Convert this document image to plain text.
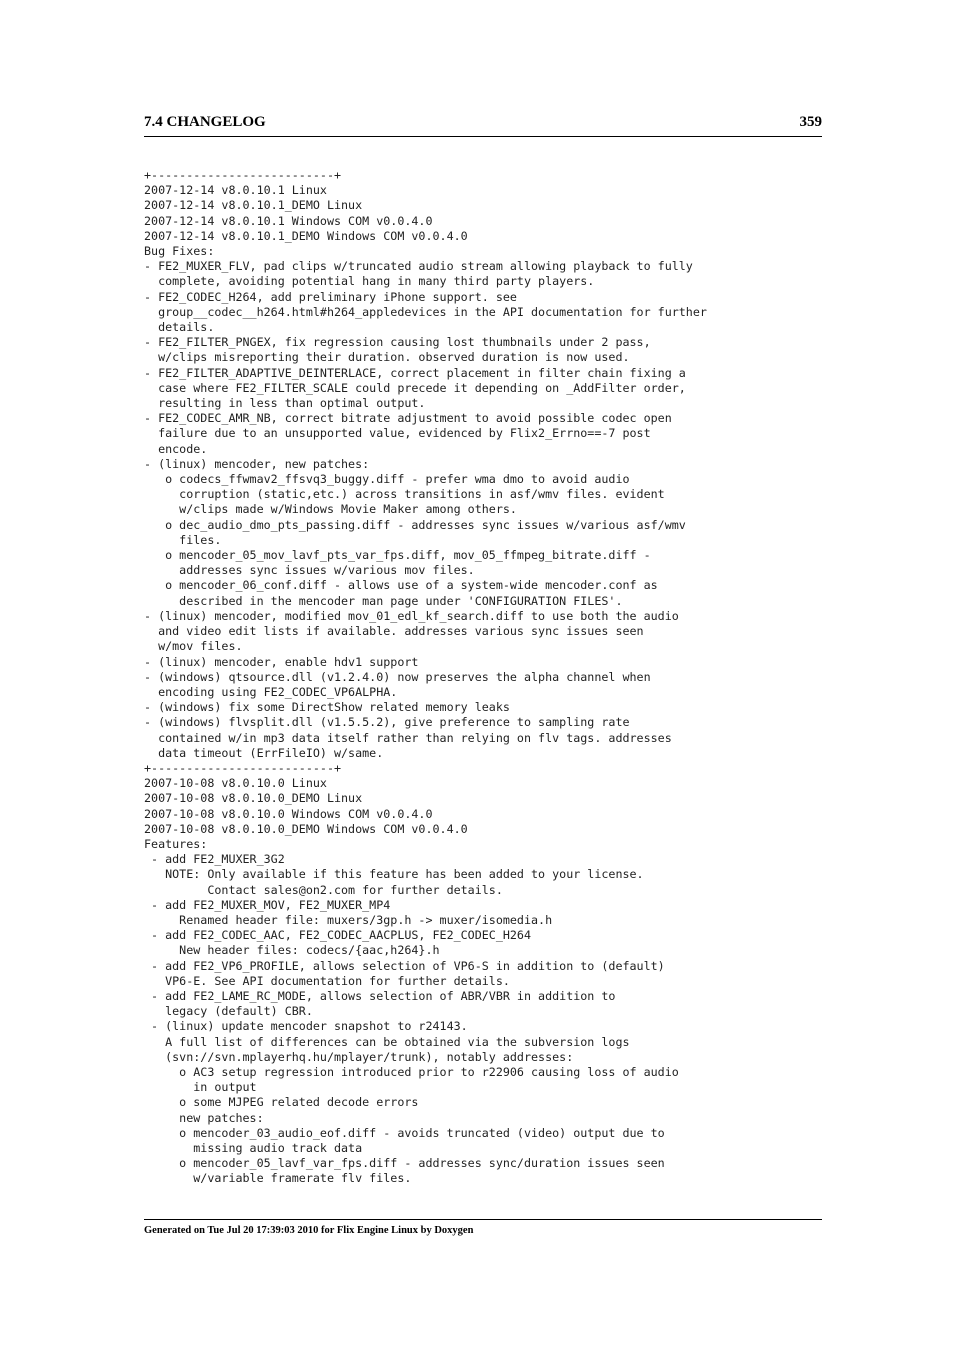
7.4 CHANGELOG	359
+--------------------------+
2007-12-14 v8.0.10.1 Linux
2007-12-14 v8.0.10.1_DEMO Linux
2007-12-14 v8.0.10.1 Windows COM v0.0.4.0
2007-12-14 v8.0.10.1_DEMO Windows COM v0.0.4.0
Bug Fixes:
- FE2_MUXER_FLV, pad clips w/truncated audio stream allowing playback to fully
complete, avoiding potential hang in many third party players.
- FE2_CODEC_H264, add preliminary iPhone support. see
group__codec__h264.html#h264_appledevices in the API documentation for further
details.
- FE2_FILTER_PNGEX, fix regression causing lost thumbnails under 2 pass,
w/clips misreporting their duration. observed duration is now used.
- FE2_FILTER_ADAPTIVE_DEINTERLACE, correct placement in filter chain fixing a
case where FE2_FILTER_SCALE could precede it depending on _AddFilter order,
resulting in less than optimal output.
- FE2_CODEC_AMR_NB, correct bitrate adjustment to avoid possible codec open
failure due to an unsupported value, evidenced by Flix2_Errno==-7 post
encode.
- (linux) mencoder, new patches:
o codecs_ffwmav2_ffsvq3_buggy.diff - prefer wma dmo to avoid audio
corruption (static,etc.) across transitions in asf/wmv files. evident
w/clips made w/Windows Movie Maker among others.
o dec_audio_dmo_pts_passing.diff - addresses sync issues w/various asf/wmv
files.
o mencoder_05_mov_lavf_pts_var_fps.diff, mov_05_ffmpeg_bitrate.diff -
addresses sync issues w/various mov files.
o mencoder_06_conf.diff - allows use of a system-wide mencoder.conf as
described in the mencoder man page under 'CONFIGURATION FILES'.
- (linux) mencoder, modified mov_01_edl_kf_search.diff to use both the audio
and video edit lists if available. addresses various sync issues seen
w/mov files.
- (linux) mencoder, enable hdv1 support
- (windows) qtsource.dll (v1.2.4.0) now preserves the alpha channel when
encoding using FE2_CODEC_VP6ALPHA.
- (windows) fix some DirectShow related memory leaks
- (windows) flvsplit.dll (v1.5.5.2), give preference to sampling rate
contained w/in mp3 data itself rather than relying on flv tags. addresses
data timeout (ErrFileIO) w/same.
+--------------------------+
2007-10-08 v8.0.10.0 Linux
2007-10-08 v8.0.10.0_DEMO Linux
2007-10-08 v8.0.10.0 Windows COM v0.0.4.0
2007-10-08 v8.0.10.0_DEMO Windows COM v0.0.4.0
Features:
- add FE2_MUXER_3G2
NOTE: Only available if this feature has been added to your license.
Contact sales@on2.com for further details.
- add FE2_MUXER_MOV, FE2_MUXER_MP4
Renamed header file: muxers/3gp.h -> muxer/isomedia.h
- add FE2_CODEC_AAC, FE2_CODEC_AACPLUS, FE2_CODEC_H264
New header files: codecs/{aac,h264}.h
- add FE2_VP6_PROFILE, allows selection of VP6-S in addition to (default)
VP6-E. See API documentation for further details.
- add FE2_LAME_RC_MODE, allows selection of ABR/VBR in addition to
legacy (default) CBR.
- (linux) update mencoder snapshot to r24143.
A full list of differences can be obtained via the subversion logs
(svn://svn.mplayerhq.hu/mplayer/trunk), notably addresses:
o AC3 setup regression introduced prior to r22906 causing loss of audio
in output
o some MJPEG related decode errors
new patches:
o mencoder_03_audio_eof.diff - avoids truncated (video) output due to
missing audio track data
o mencoder_05_lavf_var_fps.diff - addresses sync/duration issues seen
w/variable framerate flv files.
Generated on Tue Jul 20 17:39:03 2010 for Flix Engine Linux by Doxygen
